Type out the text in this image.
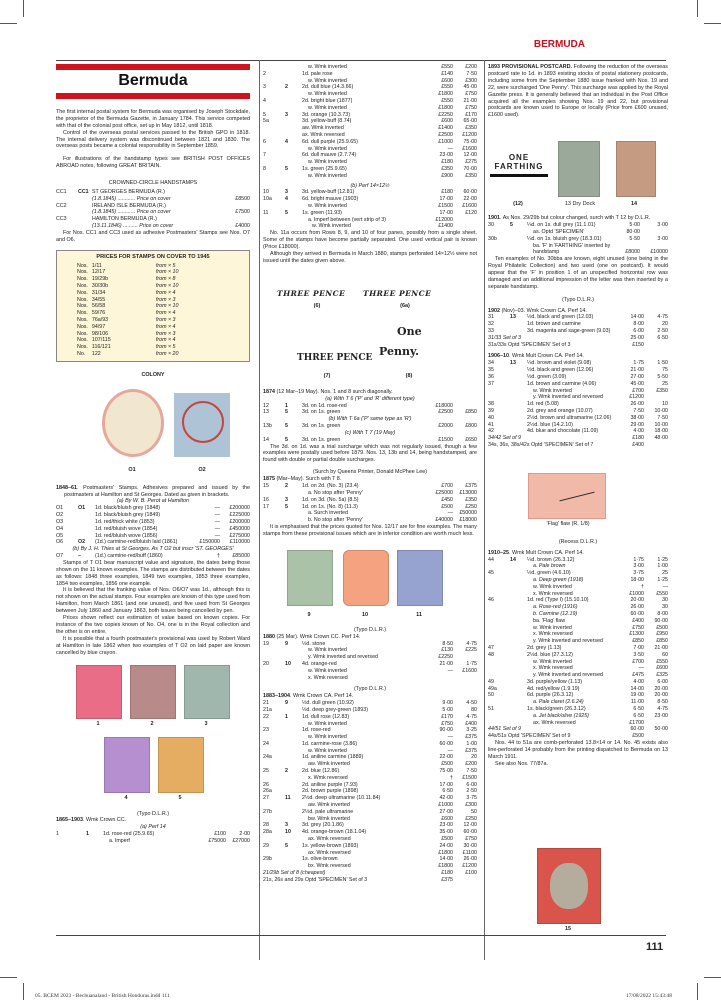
BERMUDA
Bermuda

The first internal postal system for Bermuda was organised by Joseph Stockdale, the proprietor of the Bermuda Gazette, in January 1784. This service competed with that of the colonial post office, set up in May 1812, until 1818.

Control of the overseas postal services passed to the British GPO in 1818. The internal delivery system was discontinued between 1821 and 1830. The overseas posts became a colonial responsibility in September 1859.

For illustrations of the handstamp types see BRITISH POST OFFICES ABROAD notes, following GREAT BRITAIN.

CROWNED-CIRCLE HANDSTAMPS
CC1	CC1	ST GEORGES BERMUDA (R.)	
		(1.8.1845) ............ Price on cover	£8500
CC2		IRELAND ISLE BERMUDA (R.)	
		(1.8.1845) ............ Price on cover	£7500
CC3		HAMILTON BERMUDA (R.)	
		(13.11.1846) .......... Price on cover	£4000

For Nos. CC1 and CC3 used as adhesive Postmasters' Stamps see Nos. O7 and O6.

PRICES FOR STAMPS ON COVER TO 1945
Nos.	1/11	from × 5
Nos.	12/17	from × 10
Nos.	19/29b	from × 8
Nos.	30/30b	from × 10
Nos.	31/34	from × 4
Nos.	34/55	from × 3
Nos.	56/58	from × 10
Nos.	59/76	from × 4
Nos.	76a/93	from × 3
Nos.	94/97	from × 4
Nos.	98/106	from × 3
Nos.	107/115	from × 4
Nos.	116/121	from × 5
No.	122	from × 20
COLONY
O1	O2

1848–61. Postmasters' Stamps. Adhesives prepared and issued by the postmasters at Hamilton and St Georges. Dated as given in brackets.

(a) By W. B. Perot at Hamilton
O1	O1	1d. black/bluish grey (1848)	—	£200000
O2		1d. black/bluish grey (1849)	—	£225000
O3		1d. red/thick white (1853)	—	£200000
O4		1d. red/bluish wove (1854)	—	£450000
O5		1d. red/bluish wove (1856)	—	£275000
O6	O2	(1d.) carmine-red/bluish laid (1861)	£150000	£110000
(b) By J. H. Thies at St Georges. As T O2 but inscr 'ST. GEORGES'
O7	–	(1d.) carmine-red/buff (1860)	†	£85000

Stamps of T O1 bear manuscript value and signature, the dates being those shown on the 11 known examples. The stamps are distributed between the dates as follows: 1848 three examples, 1849 two examples, 1853 three examples, 1854 two examples, 1856 one example.

It is believed that the franking value of Nos. O6/O7 was 1d., although this is not shown on the actual stamps. Four examples are known of this type used from Hamilton, from March 1861 (and one unused), and five used from St Georges between July 1860 and January 1863, both issues being cancelled by pen.

Prices shown reflect our estimation of value based on known copies. For instance of the two copies known of No. O4, one is in the Royal collection and the other is on entire.

It is possible that a fourth postmaster's provisional was used by Robert Ward at Hamilton in late 1862 when two examples of T O2 on laid paper are known cancelled by blue crayon.

1	2	3
4	5
(Typo D.L.R.)

1865–1903. Wmk Crown CC.

(a) Perf 14
1	1	1d. rose-red (25.9.65)	£100	2·00
		a. Imperf	£75000	£27000
		w. Wmk inverted	£550	£200
2		1d. pale rose	£140	7·50
		w. Wmk inverted	£600	£300
3	2	2d. dull blue (14.3.66)	£550	45·00
		w. Wmk inverted	£1800	£750
4		2d. bright blue (1877)	£550	21·00
		w. Wmk inverted	£1800	£750
5	3	3d. orange (10.3.73)	£2250	£170
5a		3d. yellow-buff (8.74)	£600	65·00
		aw. Wmk inverted	£1400	£350
		ax. Wmk reversed	£2500	£1200
6	4	6d. dull purple (25.9.65)	£1000	75·00
		w. Wmk inverted	—	£1600
7		6d. dull mauve (2.7.74)	23·00	12·00
		w. Wmk inverted	£180	£275
8	5	1s. green (25.9.65)	£350	70·00
		w. Wmk inverted	£900	£350
(b) Perf 14×12½
10	3	3d. yellow-buff (12.81)	£180	60·00
10a	4	6d. bright mauve (1903)	17·00	22·00
		w. Wmk inverted	£1500	£1600
11	5	1s. green (11.93)	17·00	£120
		a. Imperf between (vert strip of 3)	£12000	
		w. Wmk inverted	£1400	

No. 11a occurs from Rows 8, 9, and 10 of four panes, possibly from a single sheet. Some of the stamps have become partially separated. One used vertical pair is known (Price £18000).

Although they arrived in Bermuda in March 1880, stamps perforated 14×12½ were not issued until the dates given above.

THREE PENCE THREE PENCE
(6)	(6a)
One
THREE PENCE Penny.
(7)	(8)

1874 (12 Mar–19 May). Nos. 1 and 8 surch diagonally.

(a) With T 6 ('P' and 'R' different type)
12	1	3d. on 1d. rose-red	£18000	
13	5	3d. on 1s. green	£2500	£850
(b) With T 6a ('P' same type as 'R')
13b	5	3d. on 1s. green	£2000	£800
(c) With T 7 (19 May)
14	5	3d. on 1s. green	£1500	£650

The 3d. on 1d. was a trial surcharge which was not regularly issued, though a few examples were postally used before 1879. Nos. 13, 13b and 14, being handstamped, are found with double or partial double surcharges.

(Surch by Queens Printer, Donald McPhee Lee)

1875 (Mar–May). Surch with T 8.

15	2	1d. on 2d. (No. 3) (23.4)	£700	£375
		a. No stop after 'Penny'	£25000	£13000
16	3	1d. on 3d. (No. 5a) (8.5)	£450	£350
17	5	1d. on 1s. (No. 8) (11.3)	£500	£250
		a. Surch inverted	—	£50000
		b. No stop after 'Penny'	£40000	£18000

It is emphasised that the prices quoted for Nos. 12/17 are for fine examples. The many stamps from these provisional issues which are in inferior condition are worth much less.

9	10	11
(Typo D.L.R.)

1880 (25 Mar). Wmk Crown CC. Perf 14.

19	9	½d. stone	8·50	4·75
		w. Wmk inverted	£130	£225
		y. Wmk inverted and reversed	£2250	
20	10	4d. orange-red	21·00	1·75
		w. Wmk inverted	—	£1600
		x. Wmk reversed		
(Typo D.L.R.)

1883–1904. Wmk Crown CA. Perf 14.

21	9	½d. dull green (10.92)	9·00	4·50
21a		½d. deep grey-green (1893)	5·00	80
22	1	1d. dull rose (12.83)	£170	4·75
		w. Wmk inverted	£750	£400
23		1d. rose-red	90·00	3·25
		w. Wmk inverted	—	£375
24		1d. carmine-rose (3.86)	60·00	1·00
		w. Wmk inverted	—	£375
24a		1d. aniline carmine (1889)	22·00	20
		aw. Wmk inverted	£500	£200
25	2	2d. blue (12.86)	75·00	7·50
		x. Wmk reversed	†	£1500
26		2d. aniline purple (7.93)	17·00	6·00
26a		2d. brown purple (1898)	6·50	2·50
27	11	2½d. deep ultramarine (10.11.84)	42·00	3·75
		aw. Wmk inverted	£1000	£300
27b		2½d. pale ultramarine	27·00	50
		bw. Wmk inverted	£600	£250
28	3	3d. grey (20.1.86)	23·00	12·00
28a	10	4d. orange-brown (18.1.04)	35·00	60·00
		ax. Wmk reversed	£500	£750
29	5	1s. yellow-brown (1893)	24·00	30·00
		ax. Wmk reversed	£1800	£1100
29b		1s. olive-brown	14·00	26·00
		bx. Wmk reversed	£1800	£1200
21/29b Set of 8 (cheapest)			£180	£100
21s, 26s and 29s Optd 'SPECIMEN' Set of 3			£375	

1893 PROVISIONAL POSTCARD. Following the reduction of the overseas postcard rate to 1d. in 1893 existing stocks of postal stationery postcards, including some from the September 1880 issue franked with Nos. 19 and 22, were surcharged 'One Penny'. This surcharge was applied by the Royal Gazette press. It is generally believed that an individual in the Post Office acquired all the examples showing Nos. 19 and 22, but provisional postcards are known used to Europe or locally (Price from £600 unused, £1600 used).

ONE
FARTHING
(12)	13 Dry Dock	14

1901. As Nos. 29/29b but colour changed, surch with T 12 by D.L.R.

30	5	¼d. on 1s. dull grey (11.1.01)	5·00	3·00
		as. Optd 'SPECIMEN'	80·00	
30b		¼d. on 1s. bluish grey (18.3.01)	5·50	3·00
		ba. 'F' in 'FARTHING' inserted by handstamp	£8000	£10000

Ten examples of No. 30bba are known, eight unused (one being in the Royal Philatelic Collection) and two used (one on postcard). It would appear that the 'F' in position 1 of an unspecified horizontal row was damaged and an additional impression of the letter was then inserted by a separate handstamp.

(Typo D.L.R.)

1902 (Nov)–03. Wmk Crown CA. Perf 14.

31	13	½d. black and green (12.03)	14·00	4·75
32		1d. brown and carmine	8·00	20
33		3d. magenta and sage-green (9.03)	6·00	2·50
31/33 Set of 3			25·00	6·50
31s/33s Optd 'SPECIMEN' Set of 3			£150	

1906–10. Wmk Mult Crown CA. Perf 14.

34	13	¼d. brown and violet (9.08)	1·75	1·50
35		½d. black and green (12.06)	21·00	75
36		½d. green (3.09)	27·00	5·50
37		1d. brown and carmine (4.06)	45·00	25
		w. Wmk inverted	£700	£350
		y. Wmk inverted and reversed	£1200	
38		1d. red (5.08)	26·00	10
39		2d. grey and orange (10.07)	7·50	10·00
40		2½d. brown and ultramarine (12.06)	38·00	7·50
41		2½d. blue (14.2.10)	29·00	10·00
42		4d. blue and chocolate (11.09)	4·00	18·00
34/42 Set of 9			£180	48·00
34s, 36s, 38s/42s Optd 'SPECIMEN' Set of 7			£400	
'Flag' flaw (R. 1/8)
(Recess D.L.R.)

1910–25. Wmk Mult Crown CA. Perf 14.

44	14	¼d. brown (26.3.12)	1·75	1·25
		a. Pale brown	3·00	1·00
45		½d. green (4.6.10)	3·75	25
		a. Deep green (1918)	18·00	1·25
		w. Wmk inverted	†	—
		x. Wmk reversed	£1000	£550
46		1d. red (Type I) (15.10.10)	20·00	30
		a. Rose-red (1916)	26·00	30
		b. Carmine (12.19)	60·00	8·00
		ba. 'Flag' flaw	£400	90·00
		w. Wmk inverted	£750	£500
		x. Wmk reversed	£1300	£950
		y. Wmk inverted and reversed	£850	£850
47		2d. grey (1.13)	7·00	21·00
48		2½d. blue (27.3.12)	3·50	60
		w. Wmk inverted	£700	£550
		x. Wmk reversed	—	£600
		y. Wmk inverted and reversed	£475	£325
49		3d. purple/yellow (1.13)	4·00	6·00
49a		4d. red/yellow (1.9.19)	14·00	20·00
50		6d. purple (26.3.12)	19·00	20·00
		a. Pale claret (2.6.24)	11·00	8·50
51		1s. black/green (26.3.12)	6·50	4·75
		a. Jet black/olive (1925)	6·50	23·00
		ax. Wmk reversed	£1700	
44/51 Set of 9			60·00	50·00
44s/51s Optd 'SPECIMEN' Set of 9			£500	

Nos. 44 to 51a are comb-perforated 13.8×14 or 14. No. 45 exists also line-perforated 14 probably from the printing dispatched to Bermuda on 13 March 1911.

See also Nos. 77/87a.

15
111
05. BCEM 2023 - Bechuanaland - British Honduras.indd 111	17/08/2022 15:43:48
